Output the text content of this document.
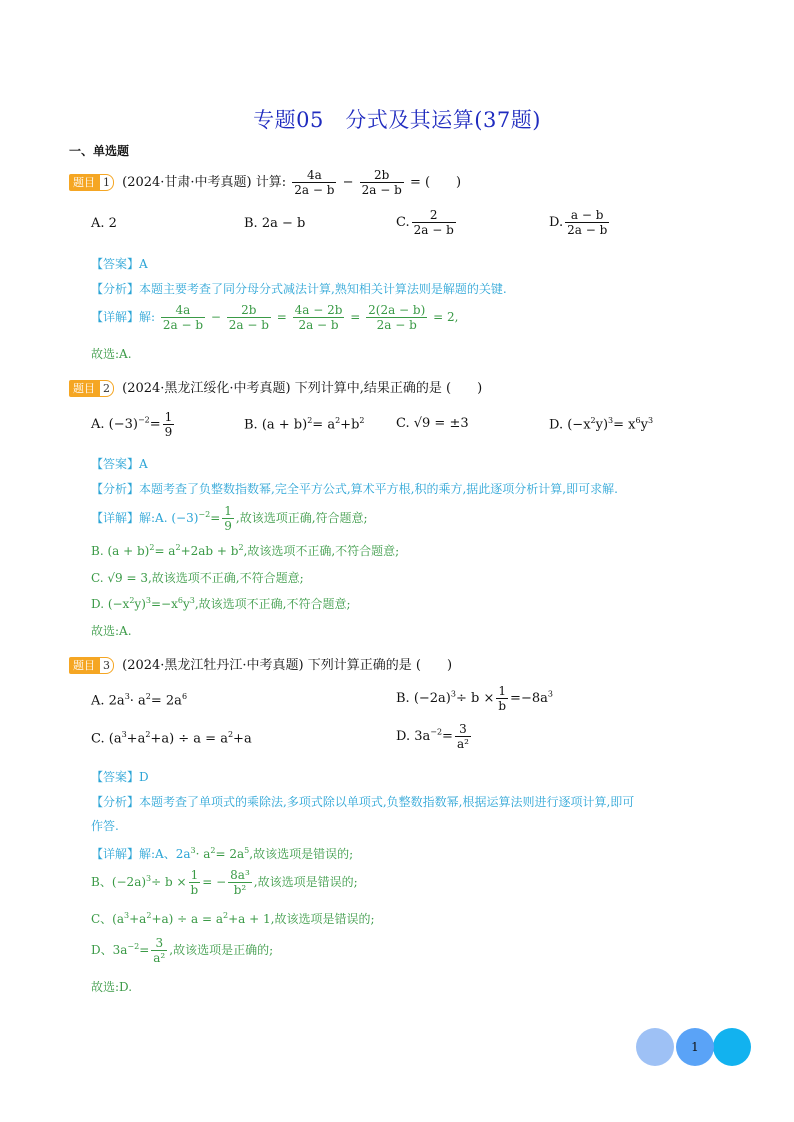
专题05　分式及其运算(37题)
一、单选题
题目 1 (2024·甘肃·中考真题) 计算: $\frac{4a}{2a - b} - \frac{2b}{2a - b}$ = (　　)
A. 2	B. 2a − b	C. $\frac{2}{2a - b}$	D. $\frac{a - b}{2a - b}$
【答案】A
【分析】本题主要考查了同分母分式减法计算,熟知相关计算法则是解题的关键.
【详解】解: $\frac{4a}{2a - b} - \frac{2b}{2a - b} = \frac{4a - 2b}{2a - b} = \frac{2(2a - b)}{2a - b} = 2$,
故选:A.
题目 2 (2024·黑龙江绥化·中考真题) 下列计算中,结果正确的是 (　　)
A. $(-3)^{-2}= \frac{1}{9}$	B. $(a + b)^2= a^2+b^2$ C. √9 = ±3	D. $(-x^2y)^3= x^6y^3$
【答案】A
【分析】本题考查了负整数指数幂,完全平方公式,算术平方根,积的乘方,据此逐项分析计算,即可求解.
【详解】解:A. $(-3)^{-2}= \frac{1}{9}$ ,故该选项正确,符合题意;
B. $(a + b)^2= a^2+2ab + b^2$,故该选项不正确,不符合题意;
C. √9 = 3,故该选项不正确,不符合题意;
D. $(-x^2y)^3=-x^6y^3$,故该选项不正确,不符合题意;
故选:A.
题目 3 (2024·黑龙江牡丹江·中考真题) 下列计算正确的是 (　　)
A. $2a^3\cdot a^2= 2a^6$	B. $(-2a)^3\div b \times \frac{1}{b} =-8a^3$
C. $(a^3+a^2+a) \div a = a^2+a$	D. $3a^{-2}= \frac{3}{\text{a²}}$
【答案】D
【分析】本题考查了单项式的乘除法,多项式除以单项式,负整数指数幂,根据运算法则进行逐项计算,即可
作答.
【详解】解:A、$2a^3\cdot a^2= 2a^5$,故该选项是错误的;
B、$(-2a)^3\div b \times \frac{1}{b}$ = − $\frac{\text{8a³}}{\text{b²}}$ ,故该选项是错误的;
C、$(a^3+a^2+a) \div a = a^2+a + 1$,故该选项是错误的;
D、$3a^{-2}= \frac{3}{\text{a²}}$ ,故该选项是正确的;
故选:D.
1
